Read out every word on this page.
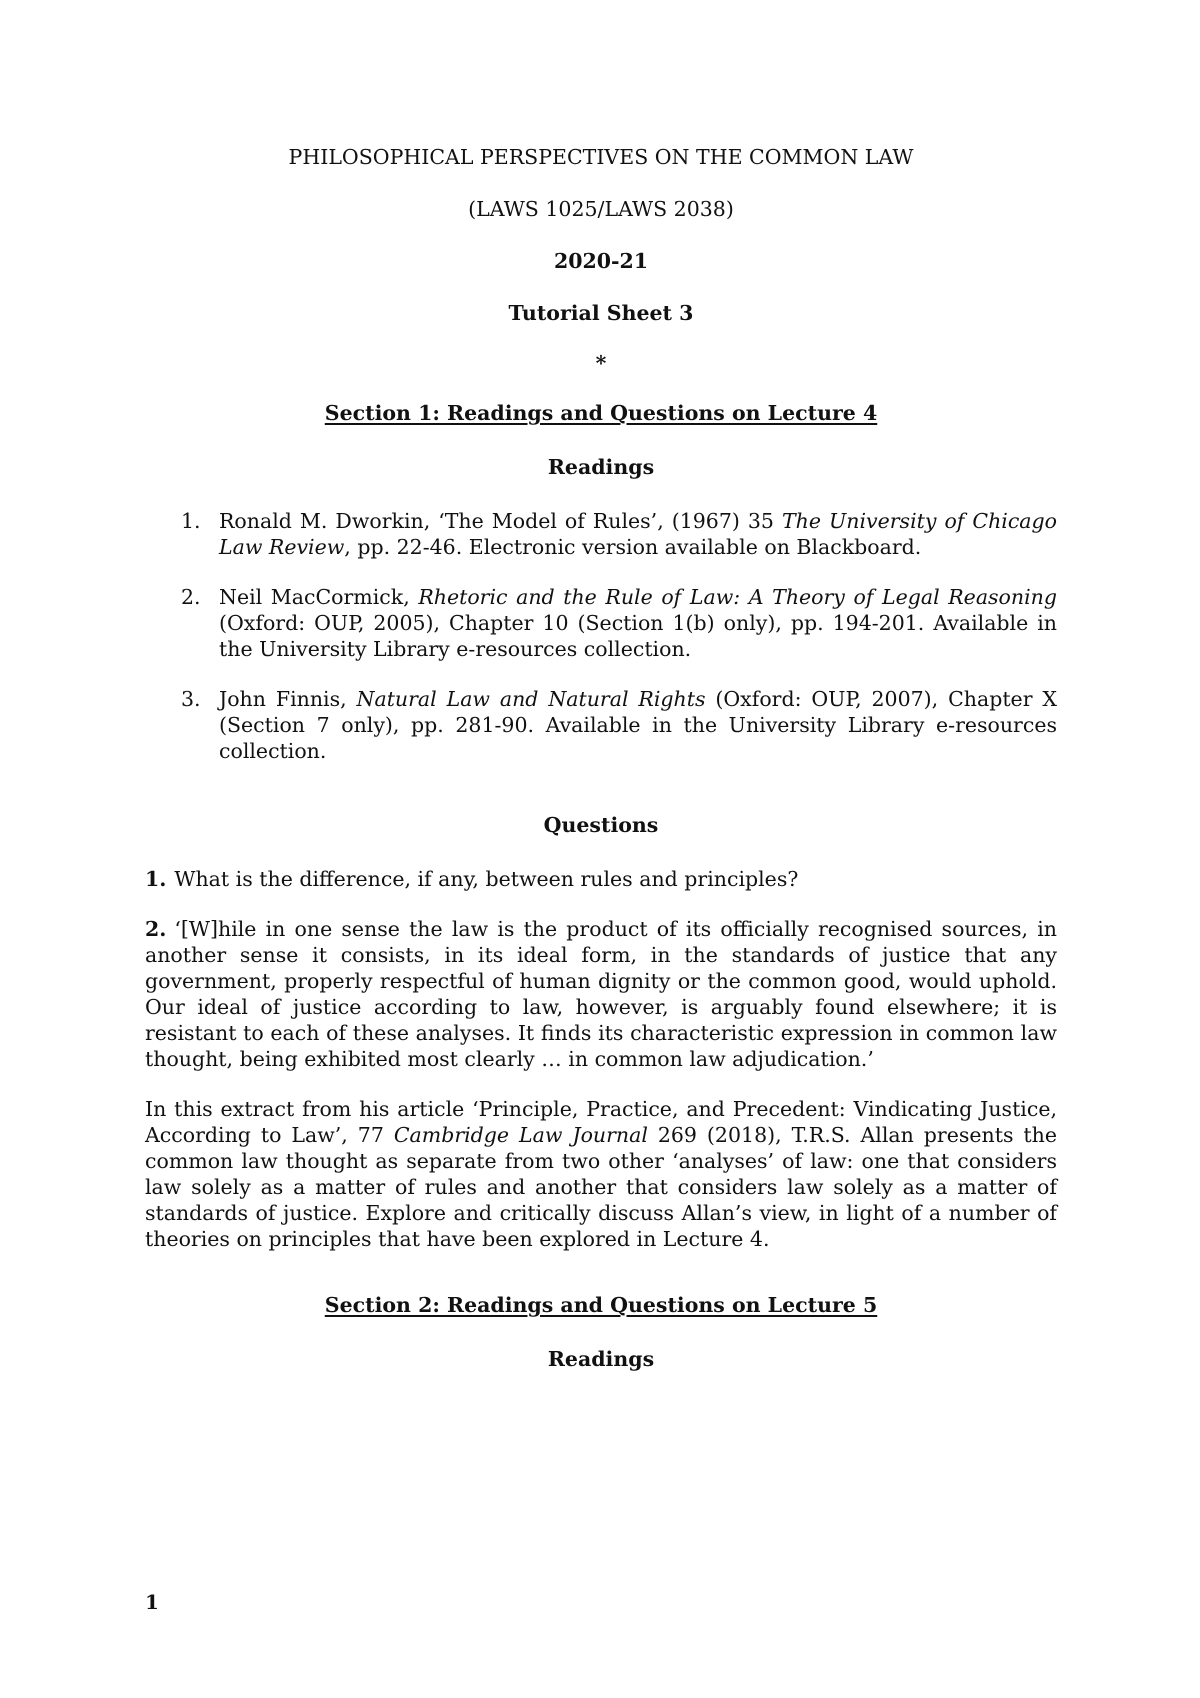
PHILOSOPHICAL PERSPECTIVES ON THE COMMON LAW
(LAWS 1025/LAWS 2038)
2020-21
Tutorial Sheet 3
*
Section 1: Readings and Questions on Lecture 4
Readings
1. Ronald M. Dworkin, ‘The Model of Rules’, (1967) 35 The University of Chicago Law Review, pp. 22-46. Electronic version available on Blackboard.
2. Neil MacCormick, Rhetoric and the Rule of Law: A Theory of Legal Reasoning (Oxford: OUP, 2005), Chapter 10 (Section 1(b) only), pp. 194-201. Available in the University Library e-resources collection.
3. John Finnis, Natural Law and Natural Rights (Oxford: OUP, 2007), Chapter X (Section 7 only), pp. 281-90. Available in the University Library e-resources collection.
Questions
1. What is the difference, if any, between rules and principles?
2. ‘[W]hile in one sense the law is the product of its officially recognised sources, in another sense it consists, in its ideal form, in the standards of justice that any government, properly respectful of human dignity or the common good, would uphold. Our ideal of justice according to law, however, is arguably found elsewhere; it is resistant to each of these analyses. It finds its characteristic expression in common law thought, being exhibited most clearly … in common law adjudication.’
In this extract from his article ‘Principle, Practice, and Precedent: Vindicating Justice, According to Law’, 77 Cambridge Law Journal 269 (2018), T.R.S. Allan presents the common law thought as separate from two other ‘analyses’ of law: one that considers law solely as a matter of rules and another that considers law solely as a matter of standards of justice. Explore and critically discuss Allan’s view, in light of a number of theories on principles that have been explored in Lecture 4.
Section 2: Readings and Questions on Lecture 5
Readings
1
